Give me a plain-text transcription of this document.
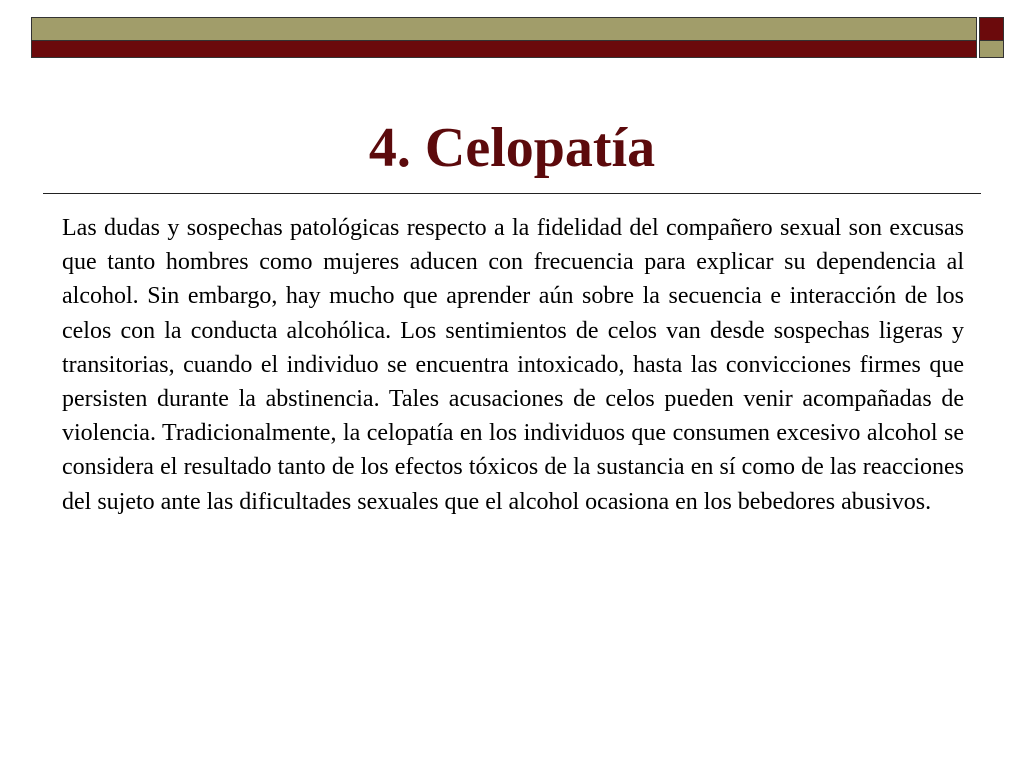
4. Celopatía

Las dudas y sospechas patológicas respecto a la fidelidad del compañero sexual son excusas que tanto hombres como mujeres aducen con frecuencia para explicar su dependencia al alcohol. Sin embargo, hay mucho que aprender aún sobre la secuencia e interacción de los celos con la conducta alcohólica. Los sentimientos de celos van desde sospechas ligeras y transitorias, cuando el individuo se encuentra intoxicado, hasta las convicciones firmes que persisten durante la abstinencia. Tales acusaciones de celos pueden venir acompañadas de violencia. Tradicionalmente, la celopatía en los individuos que consumen excesivo alcohol se considera el resultado tanto de los efectos tóxicos de la sustancia en sí como de las reacciones del sujeto ante las dificultades sexuales que el alcohol ocasiona en los bebedores abusivos.
